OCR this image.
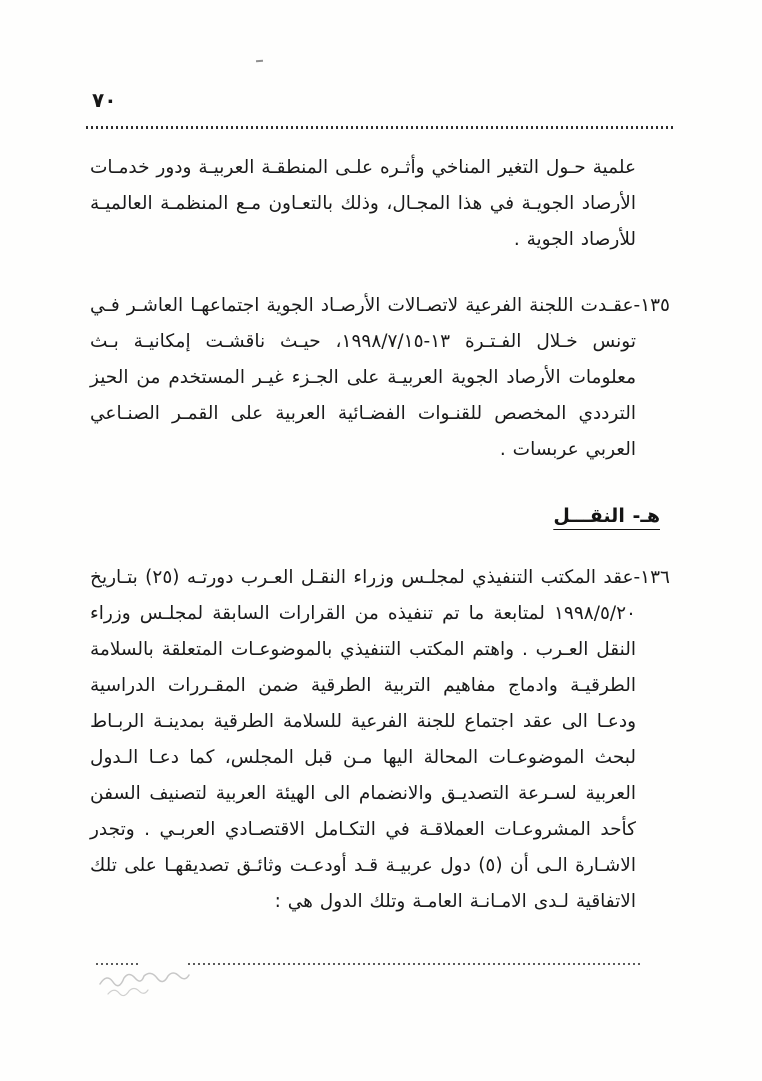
٧٠

علمية حـول التغير المناخي وأثـره علـى المنطقـة العربيـة ودور خدمـات الأرصاد الجويـة في هذا المجـال، وذلك بالتعـاون مـع المنظمـة العالميـة للأرصاد الجوية .

١٣٥-عقـدت اللجنة الفرعية لاتصـالات الأرصـاد الجوية اجتماعهـا العاشـر فـي تونس خـلال الفـتـرة ١٣-١٩٩٨/٧/١٥، حيـث ناقشـت إمكانيـة بـث معلومات الأرصاد الجوية العربيـة على الجـزء غيـر المستخدم من الحيز الترددي المخصص للقنـوات الفضـائية العربية على القمـر الصنـاعي العربي عربسات .

هـ- النقـــل

١٣٦-عقد المكتب التنفيذي لمجلـس وزراء النقـل العـرب دورتـه (٢٥) بتـاريخ ١٩٩٨/٥/٢٠ لمتابعة ما تم تنفيذه من القرارات السابقة لمجلـس وزراء النقل العـرب . واهتم المكتب التنفيذي بالموضوعـات المتعلقة بالسلامة الطرقيـة وادماج مفاهيم التربية الطرقية ضمن المقـررات الدراسية ودعـا الى عقد اجتماع للجنة الفرعية للسلامة الطرقية بمدينـة الربـاط لبحث الموضوعـات المحالة اليها مـن قبل المجلس، كما دعـا الـدول العربية لسـرعة التصديـق والانضمام الى الهيئة العربية لتصنيف السفن كأحد المشروعـات العملاقـة في التكـامل الاقتصـادي العربـي . وتجدر الاشـارة الـى أن (٥) دول عربيـة قـد أودعـت وثائـق تصديقهـا على تلك الاتفاقية لـدى الامـانـة العامـة وتلك الدول هي :
